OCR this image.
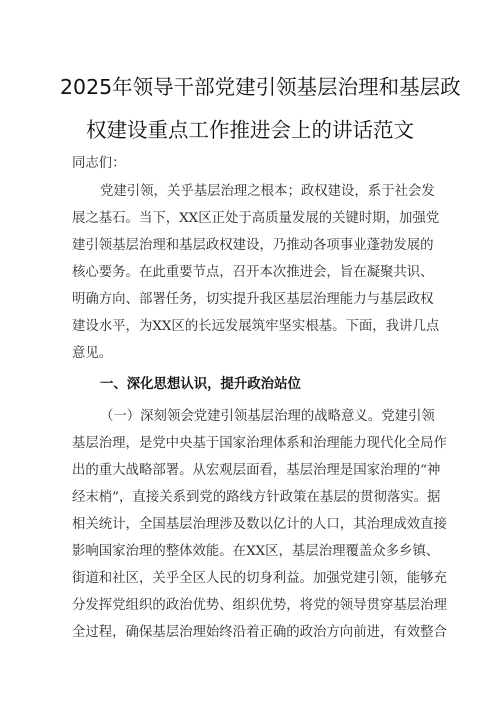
2025年领导干部党建引领基层治理和基层政
权建设重点工作推进会上的讲话范文
同志们：
党建引领，关乎基层治理之根本；政权建设，系于社会发
展之基石。当下，XX区正处于高质量发展的关键时期，加强党
建引领基层治理和基层政权建设，乃推动各项事业蓬勃发展的
核心要务。在此重要节点，召开本次推进会，旨在凝聚共识、
明确方向、部署任务，切实提升我区基层治理能力与基层政权
建设水平，为XX区的长远发展筑牢坚实根基。下面，我讲几点
意见。
一、深化思想认识，提升政治站位
（一）深刻领会党建引领基层治理的战略意义。党建引领
基层治理，是党中央基于国家治理体系和治理能力现代化全局作
出的重大战略部署。从宏观层面看，基层治理是国家治理的“神
经末梢”，直接关系到党的路线方针政策在基层的贯彻落实。据
相关统计，全国基层治理涉及数以亿计的人口，其治理成效直接
影响国家治理的整体效能。在XX区，基层治理覆盖众多乡镇、
街道和社区，关乎全区人民的切身利益。加强党建引领，能够充
分发挥党组织的政治优势、组织优势，将党的领导贯穿基层治理
全过程，确保基层治理始终沿着正确的政治方向前进，有效整合
